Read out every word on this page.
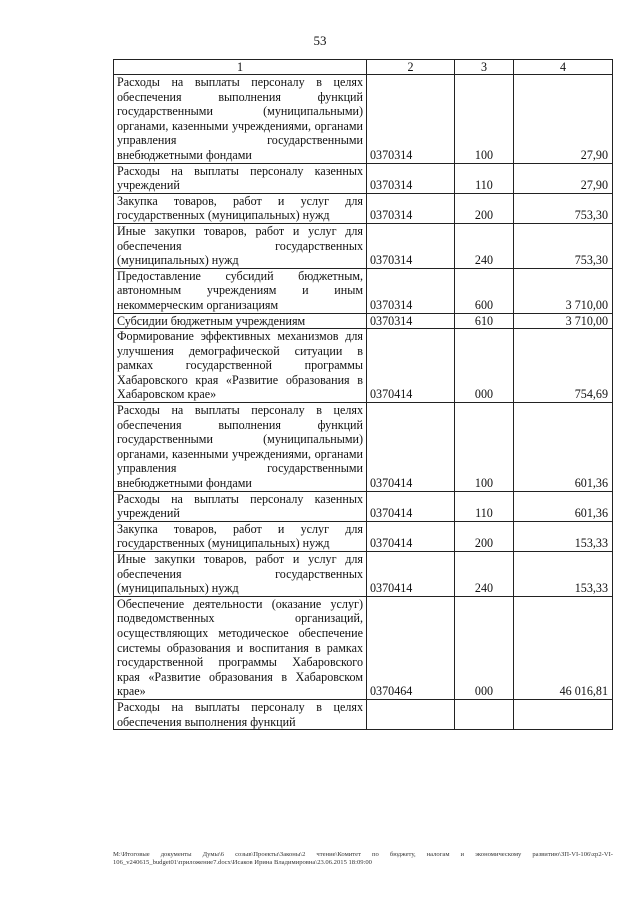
53
1	2	3	4
Расходы на выплаты персоналу в целях обеспечения выполнения функций государственными (муниципальными) органами, казенными учреждениями, органами управления государственными внебюджетными фондами	0370314	100	27,90
Расходы на выплаты персоналу казенных учреждений	0370314	110	27,90
Закупка товаров, работ и услуг для государственных (муниципальных) нужд	0370314	200	753,30
Иные закупки товаров, работ и услуг для обеспечения государственных (муниципальных) нужд	0370314	240	753,30
Предоставление субсидий бюджетным, автономным учреждениям и иным некоммерческим организациям	0370314	600	3 710,00
Субсидии бюджетным учреждениям	0370314	610	3 710,00
Формирование эффективных механизмов для улучшения демографической ситуации в рамках государственной программы Хабаровского края «Развитие образования в Хабаровском крае»	0370414	000	754,69
Расходы на выплаты персоналу в целях обеспечения выполнения функций государственными (муниципальными) органами, казенными учреждениями, органами управления государственными внебюджетными фондами	0370414	100	601,36
Расходы на выплаты персоналу казенных учреждений	0370414	110	601,36
Закупка товаров, работ и услуг для государственных (муниципальных) нужд	0370414	200	153,33
Иные закупки товаров, работ и услуг для обеспечения государственных (муниципальных) нужд	0370414	240	153,33
Обеспечение деятельности (оказание услуг) подведомственных организаций, осуществляющих методическое обеспечение системы образования и воспитания в рамках государственной программы Хабаровского края «Развитие образования в Хабаровском крае»	0370464	000	46 016,81
Расходы на выплаты персоналу в целях обеспечения выполнения функций			
M:\Итоговые документы Думы\6 созыв\Проекты\Законы\2 чтение\Комитет по бюджету, налогам и экономическому развитию\ЗП-VI-106\zp2-VI-106_v240615_budget01\приложение7.docx\Исаков Ирина Владимировна\23.06.2015 18:09:00
